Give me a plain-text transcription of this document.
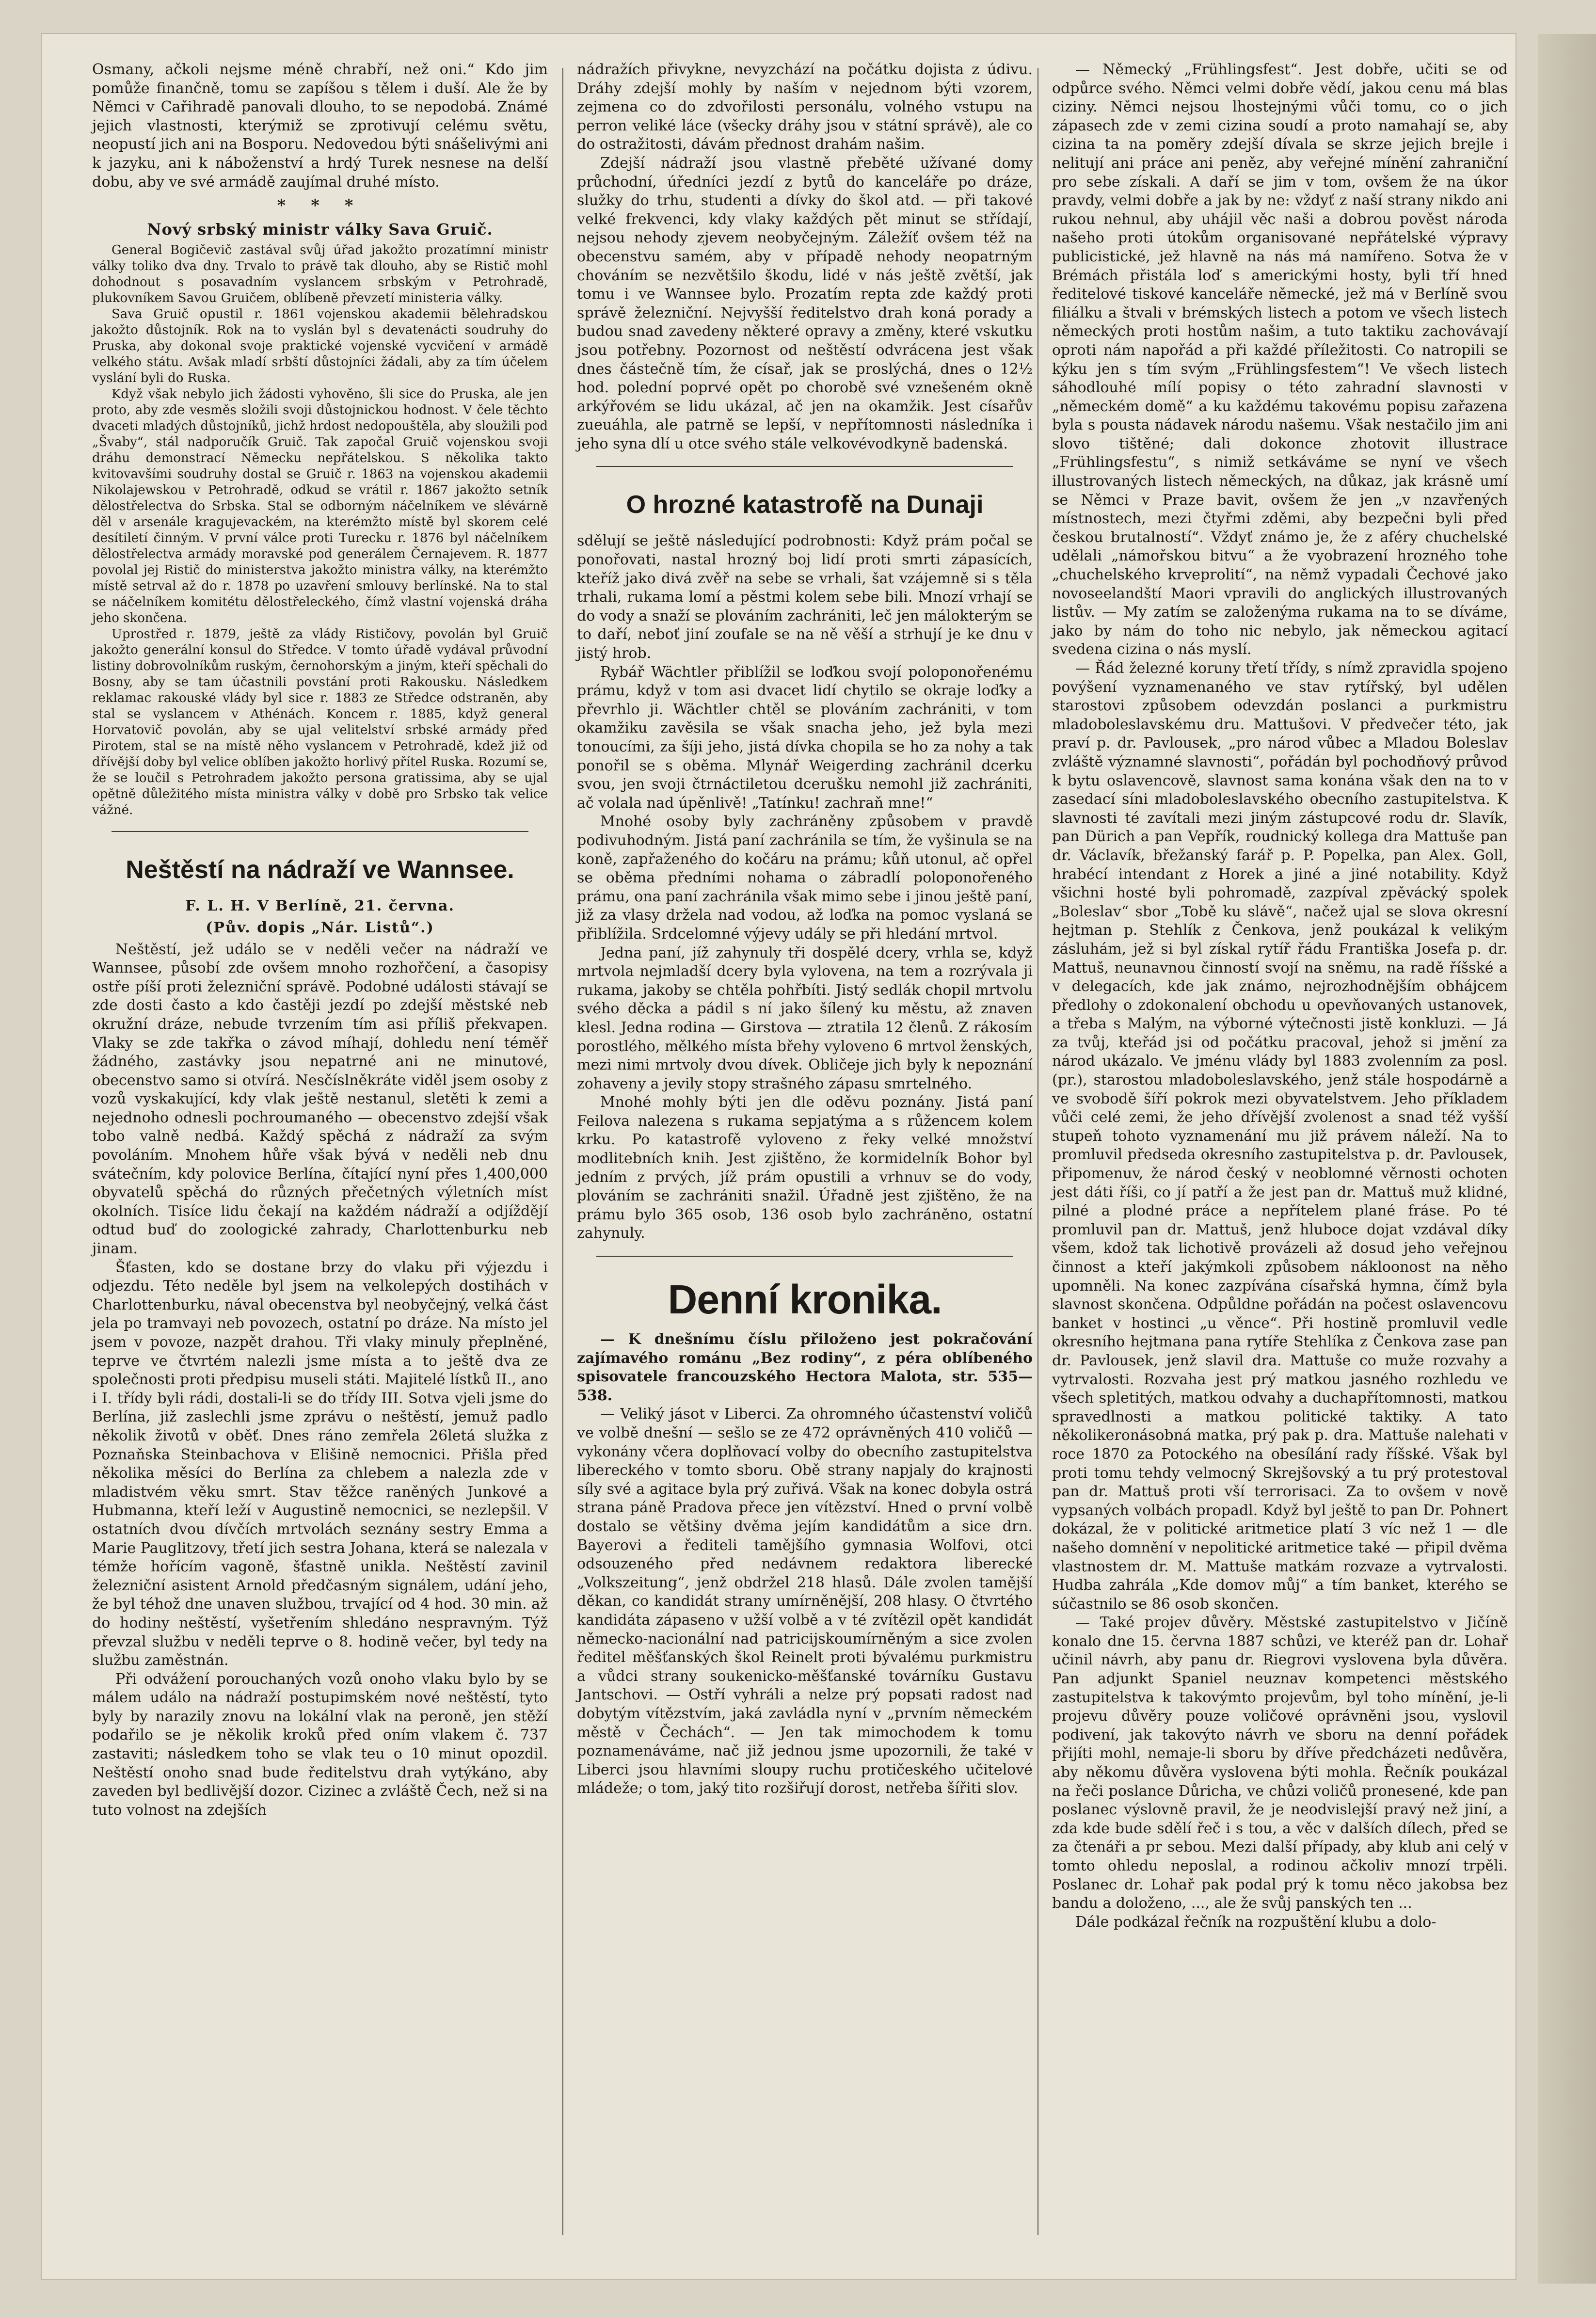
Osmany, ačkoli nejsme méně chrabří, než oni.“ Kdo jim pomůže finančně, tomu se zapíšou s tělem i duší. Ale že by Němci v Cařihradě panovali dlouho, to se nepodobá. Známé jejich vlastnosti, kterýmiž se zprotivují celému světu, neopustí jich ani na Bosporu. Nedovedou býti snášelivými ani k jazyku, ani k náboženství a hrdý Turek nesnese na delší dobu, aby ve své armádě zaujímal druhé místo.

* * *
Nový srbský ministr války Sava Gruič.

General Bogičevič zastával svůj úřad jakožto prozatímní ministr války toliko dva dny. Trvalo to právě tak dlouho, aby se Ristič mohl dohodnout s posavadním vyslancem srbským v Petrohradě, plukovníkem Savou Gruičem, oblíbeně převzetí ministeria války.

Sava Gruič opustil r. 1861 vojenskou akademii bělehradskou jakožto důstojník. Rok na to vyslán byl s devatenácti soudruhy do Pruska, aby dokonal svoje praktické vojenské vycvičení v armádě velkého státu. Avšak mladí srbští důstojníci žádali, aby za tím účelem vyslání byli do Ruska.

Když však nebylo jich žádosti vyhověno, šli sice do Pruska, ale jen proto, aby zde vesměs složili svoji důstojnickou hodnost. V čele těchto dvaceti mladých důstojníků, jichž hrdost nedopouštěla, aby sloužili pod „Švaby“, stál nadporučík Gruič. Tak započal Gruič vojenskou svoji dráhu demonstrací Německu nepřátelskou. S několika takto kvitovavšími soudruhy dostal se Gruič r. 1863 na vojenskou akademii Nikolajewskou v Petrohradě, odkud se vrátil r. 1867 jakožto setník dělostřelectva do Srbska. Stal se odborným náčelníkem ve slévárně děl v arsenále kragujevackém, na kterémžto místě byl skorem celé desítiletí činným. V první válce proti Turecku r. 1876 byl náčelníkem dělostřelectva armády moravské pod generálem Černajevem. R. 1877 povolal jej Ristič do ministerstva jakožto ministra války, na kterémžto místě setrval až do r. 1878 po uzavření smlouvy berlínské. Na to stal se náčelníkem komitétu dělostřeleckého, čímž vlastní vojenská dráha jeho skončena.

Uprostřed r. 1879, ještě za vlády Rističovy, povolán byl Gruič jakožto generální konsul do Středce. V tomto úřadě vydával průvodní listiny dobrovolníkům ruským, černohorským a jiným, kteří spěchali do Bosny, aby se tam účastnili povstání proti Rakousku. Následkem reklamac rakouské vlády byl sice r. 1883 ze Středce odstraněn, aby stal se vyslancem v Athénách. Koncem r. 1885, když general Horvatovič povolán, aby se ujal velitelství srbské armády před Pirotem, stal se na místě něho vyslancem v Petrohradě, kdež již od dřívější doby byl velice oblíben jakožto horlivý přítel Ruska. Rozumí se, že se loučil s Petrohradem jakožto persona gratissima, aby se ujal opětně důležitého místa ministra války v době pro Srbsko tak velice vážné.

Neštěstí na nádraží ve Wannsee.
F. L. H. V Berlíně, 21. června.
(Pův. dopis „Nár. Listů“.)

Neštěstí, jež událo se v neděli večer na nádraží ve Wannsee, působí zde ovšem mnoho rozhořčení, a časopisy ostře píší proti železniční správě. Podobné události stávají se zde dosti často a kdo častěji jezdí po zdejší městské neb okružní dráze, nebude tvrzením tím asi příliš překvapen. Vlaky se zde takřka o závod míhají, dohledu není téměř žádného, zastávky jsou nepatrné ani ne minutové, obecenstvo samo si otvírá. Nesčíslněkráte viděl jsem osoby z vozů vyskakující, kdy vlak ještě nestanul, sletěti k zemi a nejednoho odnesli pochroumaného — obecenstvo zdejší však tobo valně nedbá. Každý spěchá z nádraží za svým povoláním. Mnohem hůře však bývá v neděli neb dnu svátečním, kdy polovice Berlína, čítající nyní přes 1,400,000 obyvatelů spěchá do různých přečetných výletních míst okolních. Tisíce lidu čekají na každém nádraží a odjíždějí odtud buď do zoologické zahrady, Charlottenburku neb jinam.

Šťasten, kdo se dostane brzy do vlaku při výjezdu i odjezdu. Této neděle byl jsem na velkolepých dostihách v Charlottenburku, nával obecenstva byl neobyčejný, velká část jela po tramvayi neb povozech, ostatní po dráze. Na místo jel jsem v povoze, nazpět drahou. Tři vlaky minuly přeplněné, teprve ve čtvrtém nalezli jsme místa a to ještě dva ze společnosti proti předpisu museli státi. Majitelé lístků II., ano i I. třídy byli rádi, dostali-li se do třídy III. Sotva vjeli jsme do Berlína, již zaslechli jsme zprávu o neštěstí, jemuž padlo několik životů v oběť. Dnes ráno zemřela 26letá služka z Poznaňska Steinbachova v Elišině nemocnici. Přišla před několika měsíci do Berlína za chlebem a nalezla zde v mladistvém věku smrt. Stav těžce raněných Junkové a Hubmanna, kteří leží v Augustině nemocnici, se nezlepšil. V ostatních dvou dívčích mrtvolách seznány sestry Emma a Marie Pauglitzovy, třetí jich sestra Johana, která se nalezala v témže hořícím vagoně, šťastně unikla. Neštěstí zavinil železniční asistent Arnold předčasným signálem, udání jeho, že byl téhož dne unaven službou, trvající od 4 hod. 30 min. až do hodiny neštěstí, vyšetřením shledáno nespravným. Týž převzal službu v neděli teprve o 8. hodině večer, byl tedy na službu zaměstnán.

Při odvážení porouchaných vozů onoho vlaku bylo by se málem událo na nádraží postupimském nové neštěstí, tyto byly by narazily znovu na lokální vlak na peroně, jen stěží podařilo se je několik kroků před oním vlakem č. 737 zastaviti; následkem toho se vlak teu o 10 minut opozdil. Neštěstí onoho snad bude ředitelstvu drah vytýkáno, aby zaveden byl bedlivější dozor. Cizinec a zvláště Čech, než si na tuto volnost na zdejších

nádražích přivykne, nevyzchází na počátku dojista z údivu. Dráhy zdejší mohly by naším v nejednom býti vzorem, zejmena co do zdvořilosti personálu, volného vstupu na perron veliké láce (všecky dráhy jsou v státní správě), ale co do ostražitosti, dávám přednost drahám našim.

Zdejší nádraží jsou vlastně přeběté užívané domy průchodní, úředníci jezdí z bytů do kanceláře po dráze, služky do trhu, studenti a dívky do škol atd. — při takové velké frekvenci, kdy vlaky každých pět minut se střídají, nejsou nehody zjevem neobyčejným. Záležíť ovšem též na obecenstvu samém, aby v případě nehody neopatrným chováním se nezvětšilo škodu, lidé v nás ještě zvětší, jak tomu i ve Wannsee bylo. Prozatím repta zde každý proti správě železniční. Nejvyšší ředitelstvo drah koná porady a budou snad zavedeny některé opravy a změny, které vskutku jsou potřebny. Pozornost od neštěstí odvrácena jest však dnes částečně tím, že císař, jak se proslýchá, dnes o 12½ hod. polední poprvé opět po chorobě své vznešeném okně arkýřovém se lidu ukázal, ač jen na okamžik. Jest císařův zueuáhla, ale patrně se lepší, v nepřítomnosti následníka i jeho syna dlí u otce svého stále velkovévodkyně badenská.

O hrozné katastrofě na Dunaji

sdělují se ještě následující podrobnosti: Když prám počal se ponořovati, nastal hrozný boj lidí proti smrti zápasících, kteříž jako divá zvěř na sebe se vrhali, šat vzájemně si s těla trhali, rukama lomí a pěstmi kolem sebe bili. Mnozí vrhají se do vody a snaží se plováním zachrániti, leč jen málokterým se to daří, neboť jiní zoufale se na ně věší a strhují je ke dnu v jistý hrob.

Rybář Wächtler přiblížil se loďkou svojí poloponořenému prámu, když v tom asi dvacet lidí chytilo se okraje loďky a převrhlo ji. Wächtler chtěl se plováním zachrániti, v tom okamžiku zavěsila se však snacha jeho, jež byla mezi tonoucími, za šíji jeho, jistá dívka chopila se ho za nohy a tak ponořil se s oběma. Mlynář Weigerding zachránil dcerku svou, jen svoji čtrnáctiletou dcerušku nemohl již zachrániti, ač volala nad úpěnlivě! „Tatínku! zachraň mne!“

Mnohé osoby byly zachráněny způsobem v pravdě podivuhodným. Jistá paní zachránila se tím, že vyšinula se na koně, zapřaženého do kočáru na prámu; kůň utonul, ač opřel se oběma předními nohama o zábradlí poloponořeného prámu, ona paní zachránila však mimo sebe i jinou ještě paní, již za vlasy držela nad vodou, až loďka na pomoc vyslaná se přiblížila. Srdcelomné výjevy udály se při hledání mrtvol.

Jedna paní, jíž zahynuly tři dospělé dcery, vrhla se, když mrtvola nejmladší dcery byla vylovena, na tem a rozrývala ji rukama, jakoby se chtěla pohřbíti. Jistý sedlák chopil mrtvolu svého děcka a pádil s ní jako šílený ku městu, až znaven klesl. Jedna rodina — Girstova — ztratila 12 členů. Z rákosím porostlého, mělkého místa břehy vyloveno 6 mrtvol ženských, mezi nimi mrtvoly dvou dívek. Obličeje jich byly k nepoznání zohaveny a jevily stopy strašného zápasu smrtelného.

Mnohé mohly býti jen dle oděvu poznány. Jistá paní Feilova nalezena s rukama sepjatýma a s růžencem kolem krku. Po katastrofě vyloveno z řeky velké množství modlitebních knih. Jest zjištěno, že kormidelník Bohor byl jedním z prvých, jíž prám opustili a vrhnuv se do vody, plováním se zachrániti snažil. Úřadně jest zjištěno, že na prámu bylo 365 osob, 136 osob bylo zachráněno, ostatní zahynuly.

Denní kronika.

— K dnešnímu číslu přiloženo jest pokračování zajímavého románu „Bez rodiny“, z péra oblíbeného spisovatele francouzského Hectora Malota, str. 535—538.

— Veliký jásot v Liberci. Za ohromného účastenství voličů ve volbě dnešní — sešlo se ze 472 oprávněných 410 voličů — vykonány včera doplňovací volby do obecního zastupitelstva libereckého v tomto sboru. Obě strany napjaly do krajnosti síly své a agitace byla prý zuřivá. Však na konec dobyla ostrá strana páně Pradova přece jen vítězství. Hned o první volbě dostalo se většiny dvěma jejím kandidátům a sice drn. Bayerovi a řediteli tamějšího gymnasia Wolfovi, otci odsouzeného před nedávnem redaktora liberecké „Volkszeitung“, jenž obdržel 218 hlasů. Dále zvolen tamější děkan, co kandidát strany umírněnější, 208 hlasy. O čtvrtého kandidáta zápaseno v užší volbě a v té zvítězil opět kandidát německo-nacionální nad patricijskoumírněným a sice zvolen ředitel měšťanských škol Reinelt proti bývalému purkmistru a vůdci strany soukenicko-měšťanské továrníku Gustavu Jantschovi. — Ostří vyhráli a nelze prý popsati radost nad dobytým vítězstvím, jaká zavládla nyní v „prvním německém městě v Čechách“. — Jen tak mimochodem k tomu poznamenáváme, nač již jednou jsme upozornili, že také v Liberci jsou hlavními sloupy ruchu protičeského učitelové mládeže; o tom, jaký tito rozšiřují dorost, netřeba šířiti slov.

— Německý „Frühlingsfest“. Jest dobře, učiti se od odpůrce svého. Němci velmi dobře vědí, jakou cenu má blas ciziny. Němci nejsou lhostejnými vůči tomu, co o jich zápasech zde v zemi cizina soudí a proto namahají se, aby cizina ta na poměry zdejší dívala se skrze jejich brejle i nelitují ani práce ani peněz, aby veřejné mínění zahraniční pro sebe získali. A daří se jim v tom, ovšem že na úkor pravdy, velmi dobře a jak by ne: vždyť z naší strany nikdo ani rukou nehnul, aby uhájil věc naši a dobrou pověst národa našeho proti útokům organisované nepřátelské výpravy publicistické, jež hlavně na nás má namířeno. Sotva že v Brémách přistála loď s americkými hosty, byli tří hned ředitelové tiskové kanceláře německé, jež má v Berlíně svou filiálku a štvali v brémských listech a potom ve všech listech německých proti hostům našim, a tuto taktiku zachovávají oproti nám napořád a při každé příležitosti. Co natropili se kýku jen s tím svým „Frühlingsfestem“! Ve všech listech sáhodlouhé mílí popisy o této zahradní slavnosti v „německém domě“ a ku každému takovému popisu zařazena byla s pousta nádavek národu našemu. Však nestačilo jim ani slovo tištěné; dali dokonce zhotovit illustrace „Frühlingsfestu“, s nimiž setkáváme se nyní ve všech illustrovaných listech německých, na důkaz, jak krásně umí se Němci v Praze bavit, ovšem že jen „v nzavřených místnostech, mezi čtyřmi zděmi, aby bezpečni byli před českou brutalností“. Vždyť známo je, že z aféry chuchelské udělali „námořskou bitvu“ a že vyobrazení hrozného tohe „chuchelského krveprolití“, na němž vypadali Čechové jako novoseelandští Maori vpravili do anglických illustrovaných listův. — My zatím se založenýma rukama na to se díváme, jako by nám do toho nic nebylo, jak německou agitací svedena cizina o nás myslí.

— Řád železné koruny třetí třídy, s nímž zpravidla spojeno povýšení vyznamenaného ve stav rytířský, byl udělen starostovi způsobem odevzdán poslanci a purkmistru mladoboleslavskému dru. Mattušovi. V předvečer této, jak praví p. dr. Pavlousek, „pro národ vůbec a Mladou Boleslav zvláště významné slavnosti“, pořádán byl pochodňový průvod k bytu oslavencově, slavnost sama konána však den na to v zasedací síni mladoboleslavského obecního zastupitelstva. K slavnosti té zavítali mezi jiným zástupcové rodu dr. Slavík, pan Dürich a pan Vepřík, roudnický kollega dra Mattuše pan dr. Václavík, břežanský farář p. P. Popelka, pan Alex. Goll, hrabécí intendant z Horek a jiné a jiné notability. Když všichni hosté byli pohromadě, zazpíval zpěvácký spolek „Boleslav“ sbor „Tobě ku slávě“, načež ujal se slova okresní hejtman p. Stehlík z Čenkova, jenž poukázal k velikým zásluhám, jež si byl získal rytíř řádu Františka Josefa p. dr. Mattuš, neunavnou činností svojí na sněmu, na radě říšské a v delegacích, kde jak známo, nejrozhodnějším obhájcem předlohy o zdokonalení obchodu u opevňovaných ustanovek, a třeba s Malým, na výborné výtečnosti jistě konkluzi. — Já za tvůj, kteřád jsi od počátku pracoval, jehož si jmění za národ ukázalo. Ve jménu vlády byl 1883 zvolenním za posl. (pr.), starostou mladoboleslavského, jenž stále hospodárně a ve svobodě šíří pokrok mezi obyvatelstvem. Jeho příkladem vůči celé zemi, že jeho dřívější zvolenost a snad též vyšší stupeň tohoto vyznamenání mu již právem náleží. Na to promluvil předseda okresního zastupitelstva p. dr. Pavlousek, připomenuv, že národ český v neoblomné věrnosti ochoten jest dáti říši, co jí patří a že jest pan dr. Mattuš muž klidné, pilné a plodné práce a nepřítelem plané fráse. Po té promluvil pan dr. Mattuš, jenž hluboce dojat vzdával díky všem, kdož tak lichotivě provázeli až dosud jeho veřejnou činnost a kteří jakýmkoli způsobem nákloonost na něho upomněli. Na konec zazpívána císařská hymna, čímž byla slavnost skončena. Odpůldne pořádán na počest oslavencovu banket v hostinci „u věnce“. Při hostině promluvil vedle okresního hejtmana pana rytíře Stehlíka z Čenkova zase pan dr. Pavlousek, jenž slavil dra. Mattuše co muže rozvahy a vytrvalosti. Rozvaha jest prý matkou jasného rozhledu ve všech spletitých, matkou odvahy a duchapřítomnosti, matkou spravedlnosti a matkou politické taktiky. A tato několikeronásobná matka, prý pak p. dra. Mattuše nalehati v roce 1870 za Potockého na obesílání rady říšské. Však byl proti tomu tehdy velmocný Skrejšovský a tu prý protestoval pan dr. Mattuš proti vší terrorisaci. Za to ovšem v nově vypsaných volbách propadl. Když byl ještě to pan Dr. Pohnert dokázal, že v politické aritmetice platí 3 víc než 1 — dle našeho domnění v nepolitické aritmetice také — připil dvěma vlastnostem dr. M. Mattuše matkám rozvaze a vytrvalosti. Hudba zahrála „Kde domov můj“ a tím banket, kterého se súčastnilo se 86 osob skončen.

— Také projev důvěry. Městské zastupitelstvo v Jičíně konalo dne 15. června 1887 schůzi, ve kteréž pan dr. Lohař učinil návrh, aby panu dr. Riegrovi vyslovena byla důvěra. Pan adjunkt Spaniel neuznav kompetenci městského zastupitelstva k takovýmto projevům, byl toho mínění, je-li projevu důvěry pouze voličové oprávněni jsou, vyslovil podivení, jak takovýto návrh ve sboru na denní pořádek přijíti mohl, nemaje-li sboru by dříve předcházeti nedůvěra, aby někomu důvěra vyslovena býti mohla. Řečník poukázal na řeči poslance Důricha, ve chůzi voličů pronesené, kde pan poslanec výslovně pravil, že je neodvislejší pravý než jiní, a zda kde bude sdělí řeč i s tou, a věc v dalších dílech, před se za čtenáři a pr sebou. Mezi další případy, aby klub ani celý v tomto ohledu neposlal, a rodinou ačkoliv mnozí trpěli. Poslanec dr. Lohař pak podal prý k tomu něco jakobsa bez bandu a doloženo, ..., ale že svůj panských ten ...

Dále podkázal řečník na rozpuštění klubu a dolo-
